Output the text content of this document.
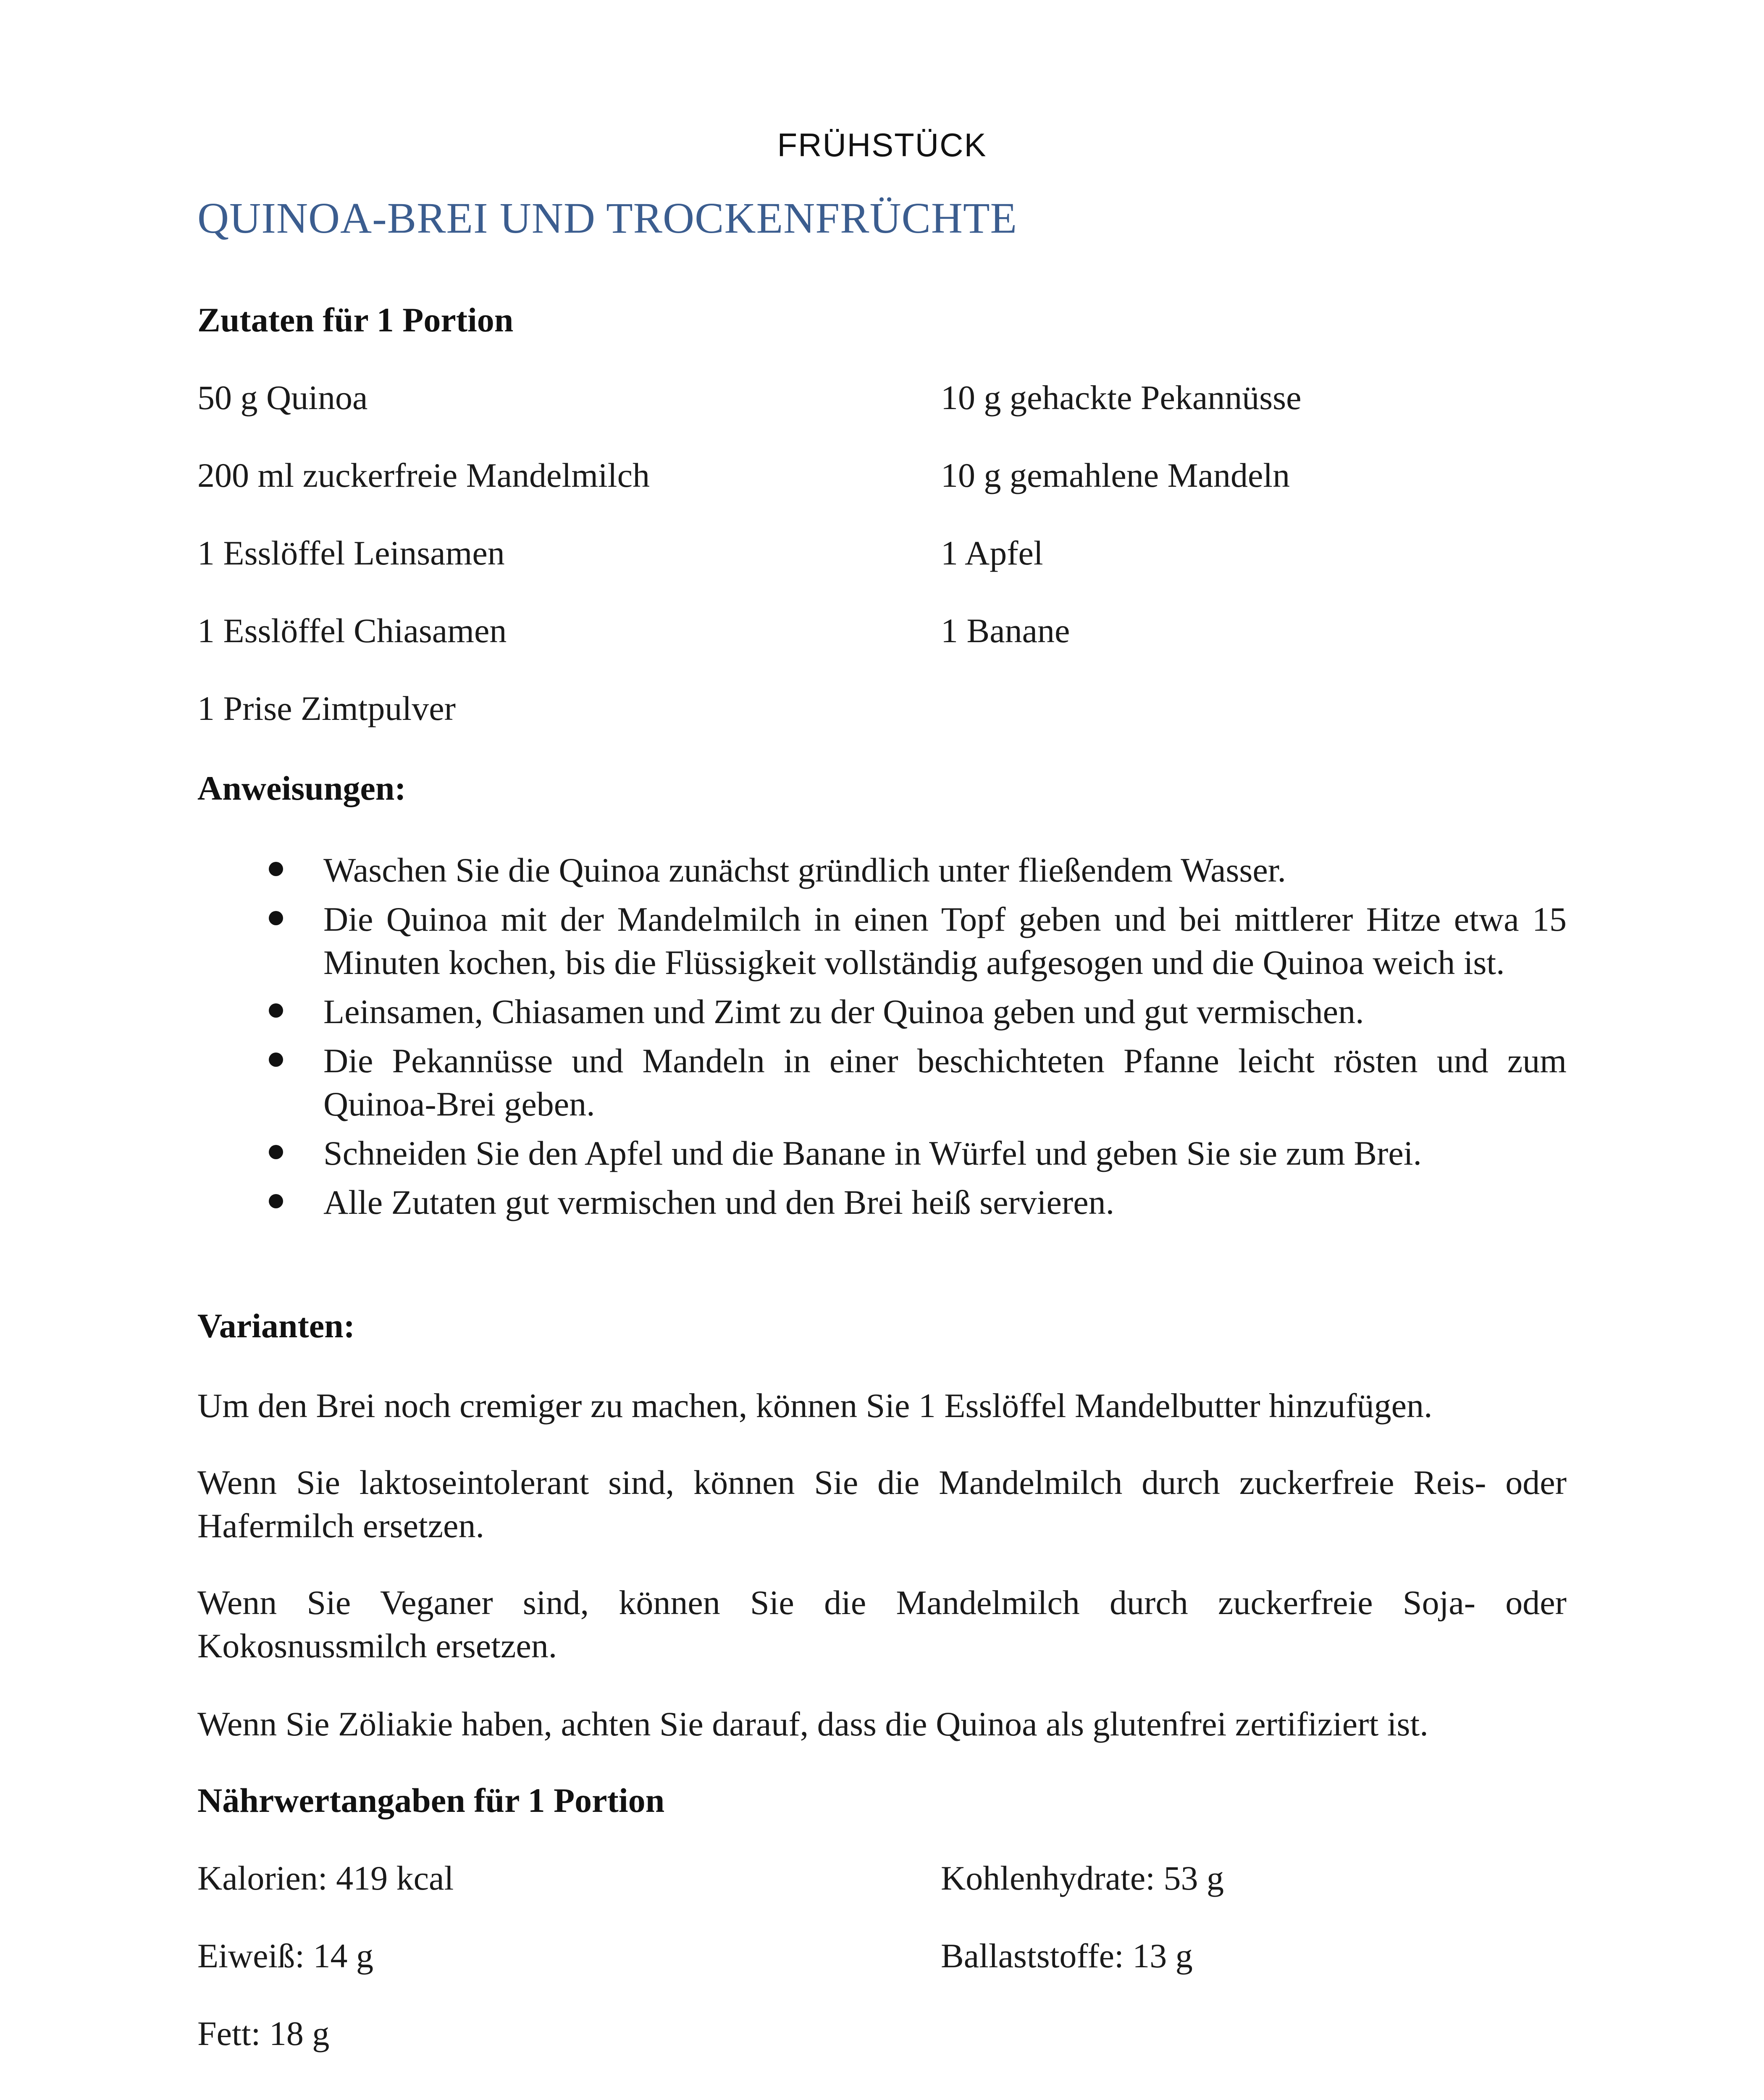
FRÜHSTÜCK
QUINOA-BREI UND TROCKENFRÜCHTE
Zutaten für 1 Portion
50 g Quinoa
200 ml zuckerfreie Mandelmilch
1 Esslöffel Leinsamen
1 Esslöffel Chiasamen
1 Prise Zimtpulver
10 g gehackte Pekannüsse
10 g gemahlene Mandeln
1 Apfel
1 Banane
Anweisungen:
Waschen Sie die Quinoa zunächst gründlich unter fließendem Wasser.
Die Quinoa mit der Mandelmilch in einen Topf geben und bei mittlerer Hitze etwa 15 Minuten kochen, bis die Flüssigkeit vollständig aufgesogen und die Quinoa weich ist.
Leinsamen, Chiasamen und Zimt zu der Quinoa geben und gut vermischen.
Die Pekannüsse und Mandeln in einer beschichteten Pfanne leicht rösten und zum Quinoa-Brei geben.
Schneiden Sie den Apfel und die Banane in Würfel und geben Sie sie zum Brei.
Alle Zutaten gut vermischen und den Brei heiß servieren.
Varianten:
Um den Brei noch cremiger zu machen, können Sie 1 Esslöffel Mandelbutter hinzufügen.
Wenn Sie laktoseintolerant sind, können Sie die Mandelmilch durch zuckerfreie Reis- oder Hafermilch ersetzen.
Wenn Sie Veganer sind, können Sie die Mandelmilch durch zuckerfreie Soja- oder Kokosnussmilch ersetzen.
Wenn Sie Zöliakie haben, achten Sie darauf, dass die Quinoa als glutenfrei zertifiziert ist.
Nährwertangaben für 1 Portion
Kalorien: 419 kcal
Eiweiß: 14 g
Fett: 18 g
Kohlenhydrate: 53 g
Ballaststoffe: 13 g
